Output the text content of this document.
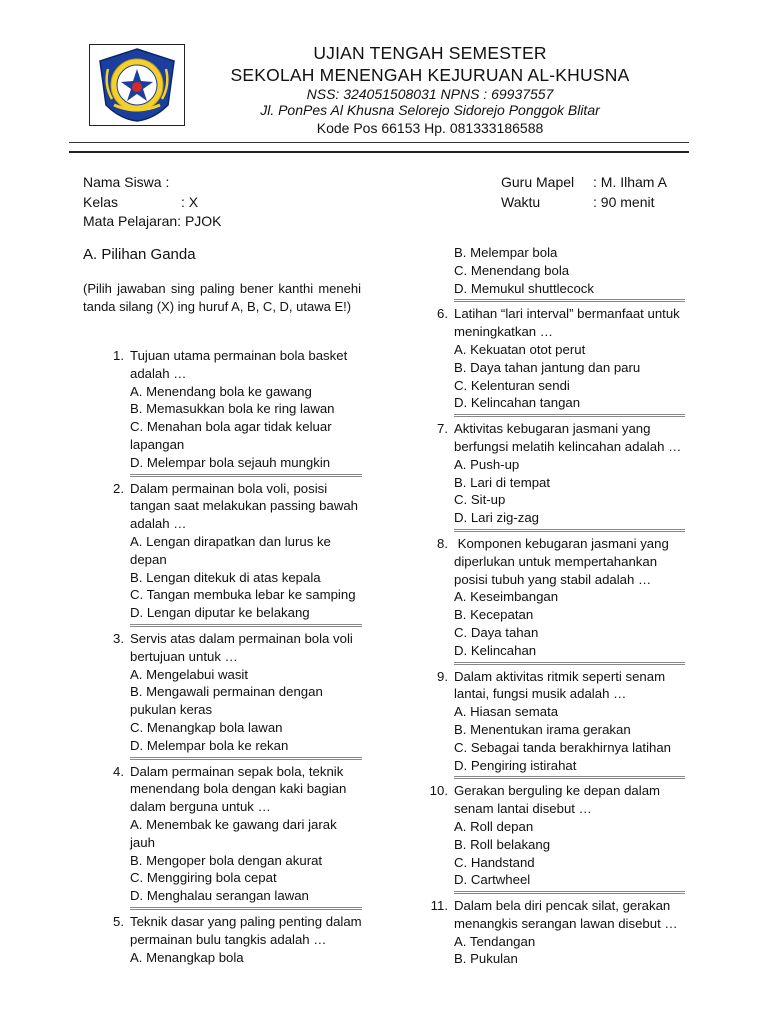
UJIAN TENGAH SEMESTER
SEKOLAH MENENGAH KEJURUAN AL-KHUSNA
NSS: 324051508031 NPNS : 69937557
Jl. PonPes Al Khusna Selorejo Sidorejo Ponggok Blitar
Kode Pos 66153 Hp. 081333186588
Nama Siswa :
Kelas	: X
Mata Pelajaran: PJOK
Guru Mapel	: M. Ilham A
Waktu	: 90 menit
A. Pilihan Ganda

(Pilih jawaban sing paling bener kanthi menehi tanda silang (X) ing huruf A, B, C, D, utawa E!)

1. Tujuan utama permainan bola basket adalah …

A. Menendang bola ke gawang
B. Memasukkan bola ke ring lawan
C. Menahan bola agar tidak keluar lapangan
D. Melempar bola sejauh mungkin
2. Dalam permainan bola voli, posisi tangan saat melakukan passing bawah adalah …

A. Lengan dirapatkan dan lurus ke depan
B. Lengan ditekuk di atas kepala
C. Tangan membuka lebar ke samping
D. Lengan diputar ke belakang
3. Servis atas dalam permainan bola voli bertujuan untuk …

A. Mengelabui wasit
B. Mengawali permainan dengan pukulan keras
C. Menangkap bola lawan
D. Melempar bola ke rekan
4. Dalam permainan sepak bola, teknik menendang bola dengan kaki bagian dalam berguna untuk …

A. Menembak ke gawang dari jarak jauh
B. Mengoper bola dengan akurat
C. Menggiring bola cepat
D. Menghalau serangan lawan
5. Teknik dasar yang paling penting dalam permainan bulu tangkis adalah …

A. Menangkap bola
B. Melempar bola
C. Menendang bola
D. Memukul shuttlecock
6. Latihan “lari interval” bermanfaat untuk meningkatkan …

A. Kekuatan otot perut
B. Daya tahan jantung dan paru
C. Kelenturan sendi
D. Kelincahan tangan
7. Aktivitas kebugaran jasmani yang berfungsi melatih kelincahan adalah …

A. Push-up
B. Lari di tempat
C. Sit-up
D. Lari zig-zag
8. Komponen kebugaran jasmani yang diperlukan untuk mempertahankan posisi tubuh yang stabil adalah …

A. Keseimbangan
B. Kecepatan
C. Daya tahan
D. Kelincahan
9. Dalam aktivitas ritmik seperti senam lantai, fungsi musik adalah …

A. Hiasan semata
B. Menentukan irama gerakan
C. Sebagai tanda berakhirnya latihan
D. Pengiring istirahat
10. Gerakan berguling ke depan dalam senam lantai disebut …

A. Roll depan
B. Roll belakang
C. Handstand
D. Cartwheel
11. Dalam bela diri pencak silat, gerakan menangkis serangan lawan disebut …

A. Tendangan
B. Pukulan
